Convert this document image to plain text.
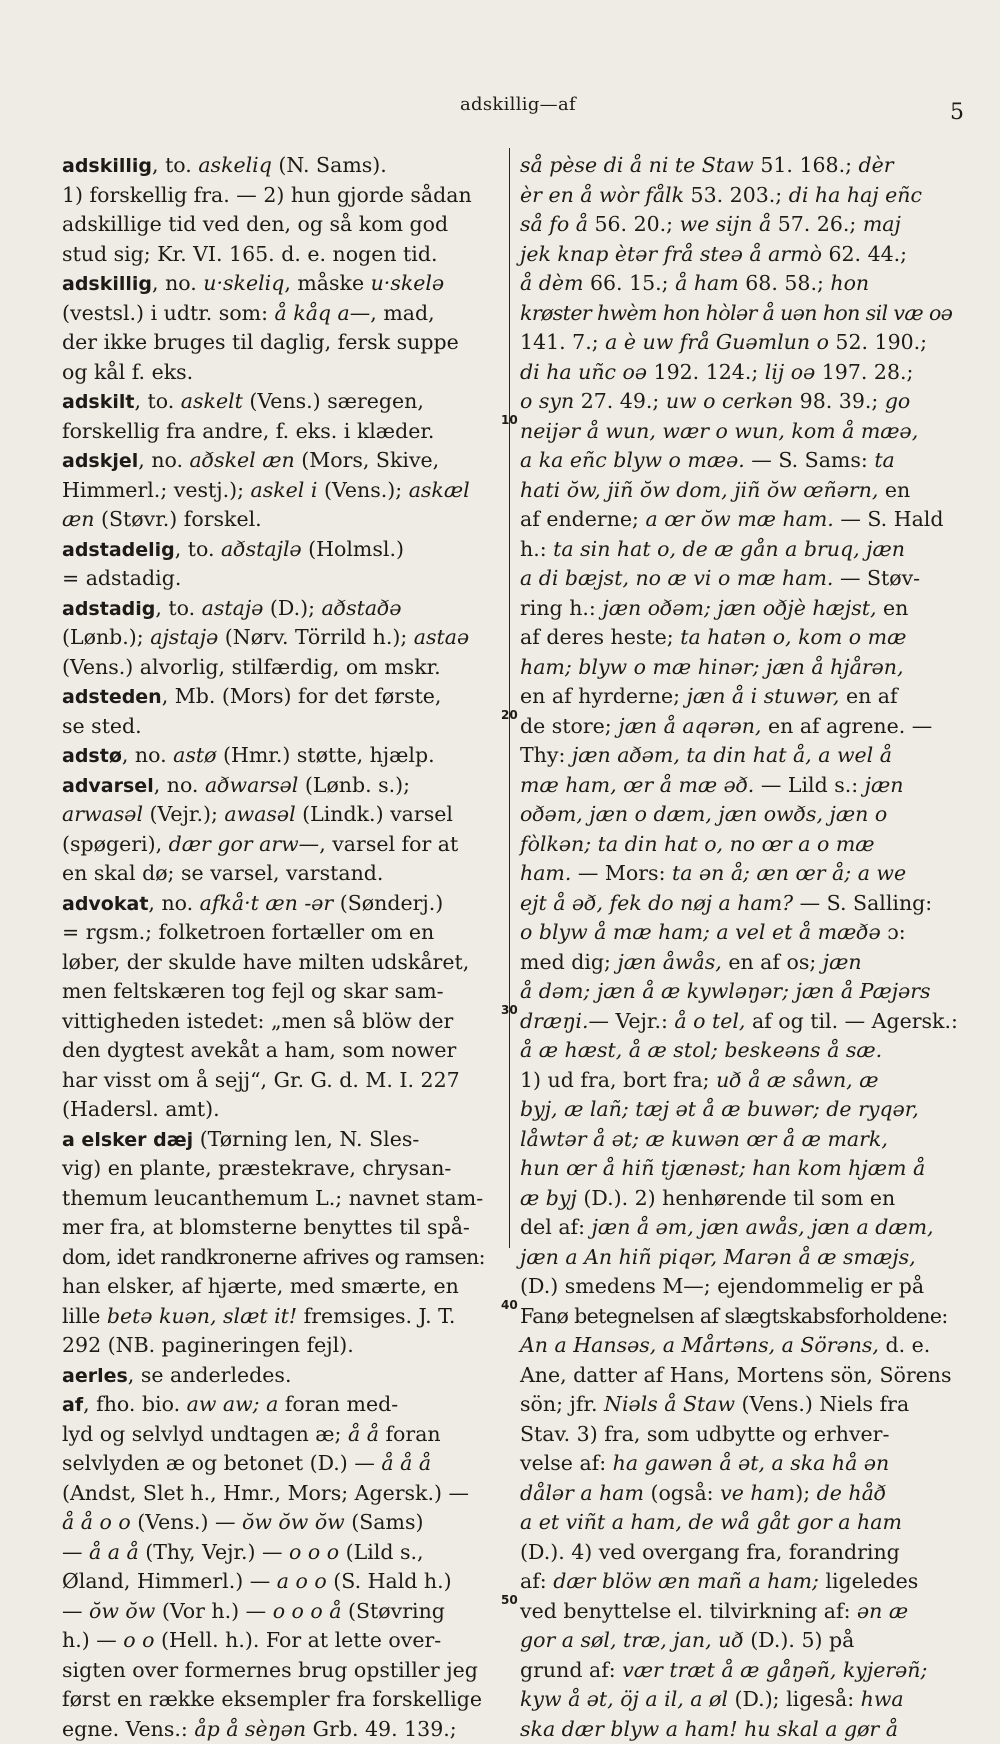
adskillig—af	5
adskillig, to. askeliq (N. Sams).
1) forskellig fra. — 2) hun gjorde sådan
adskillige tid ved den, og så kom god
stud sig; Kr. VI. 165. d. e. nogen tid.
adskillig, no. u·skeliq, måske u·skelə
(vestsl.) i udtr. som: å kåq a—, mad,
der ikke bruges til daglig, fersk suppe
og kål f. eks.
adskilt, to. askelt (Vens.) særegen,
forskellig fra andre, f. eks. i klæder.
adskjel, no. aðskel æn (Mors, Skive,
Himmerl.; vestj.); askel i (Vens.); askæl
æn (Støvr.) forskel.
adstadelig, to. aðstajlə (Holmsl.)
= adstadig.
adstadig, to. astajə (D.); aðstaðə
(Lønb.); ajstajə (Nørv. Törrild h.); astaə
(Vens.) alvorlig, stilfærdig, om mskr.
adsteden, Mb. (Mors) for det første,
se sted.
adstø, no. astø (Hmr.) støtte, hjælp.
advarsel, no. aðwarsəl (Lønb. s.);
arwasəl (Vejr.); awasəl (Lindk.) varsel
(spøgeri), dær gor arw—, varsel for at
en skal dø; se varsel, varstand.
advokat, no. afkå·t æn -ər (Sønderj.)
= rgsm.; folketroen fortæller om en
løber, der skulde have milten udskåret,
men feltskæren tog fejl og skar sam-
vittigheden istedet: „men så blöw der
den dygtest avekåt a ham, som nower
har visst om å sejj“, Gr. G. d. M. I. 227
(Hadersl. amt).
a elsker dæj (Tørning len, N. Sles-
vig) en plante, præstekrave, chrysan-
themum leucanthemum L.; navnet stam-
mer fra, at blomsterne benyttes til spå-
dom, idet randkronerne afrives og ramsen:
han elsker, af hjærte, med smærte, en
lille betə kuən, slæt it! fremsiges. J. T.
292 (NB. pagineringen fejl).
aerles, se anderledes.
af, fho. bio. aw aw; a foran med-
lyd og selvlyd undtagen æ; å å foran
selvlyden æ og betonet (D.) — å å å
(Andst, Slet h., Hmr., Mors; Agersk.) —
å å o o (Vens.) — ŏw ŏw ŏw (Sams)
— å a å (Thy, Vejr.) — o o o (Lild s.,
Øland, Himmerl.) — a o o (S. Hald h.)
— ŏw ŏw (Vor h.) — o o o å (Støvring
h.) — o o (Hell. h.). For at lette over-
sigten over formernes brug opstiller jeg
først en række eksempler fra forskellige
egne. Vens.: åp å sèŋən Grb. 49. 139.;
så pèse di å ni te Staw 51. 168.; dèr
èr en å wòr fålk 53. 203.; di ha haj eñc
så fo å 56. 20.; we sijn å 57. 26.; maj
jek knap ètər frå steə å armò 62. 44.;
å dèm 66. 15.; å ham 68. 58.; hon
krøster hwèm hon hòlər å uən hon sil væ oə
141. 7.; a è uw frå Guəmlun o 52. 190.;
di ha uñc oə 192. 124.; lij oə 197. 28.;
o syn 27. 49.; uw o cerkən 98. 39.; go
neijər å wun, wær o wun, kom å mæə,
a ka eñc blyw o mæə. — S. Sams: ta
hati ŏw, jiñ ŏw dom, jiñ ŏw œñərn, en
af enderne; a œr ŏw mæ ham. — S. Hald
h.: ta sin hat o, de æ gån a bruq, jæn
a di bæjst, no æ vi o mæ ham. — Støv-
ring h.: jæn oðəm; jæn oðjè hæjst, en
af deres heste; ta hatən o, kom o mæ
ham; blyw o mæ hinər; jæn å hjårən,
en af hyrderne; jæn å i stuwər, en af
de store; jæn å aqərən, en af agrene. —
Thy: jæn aðəm, ta din hat å, a wel å
mæ ham, œr å mæ əð. — Lild s.: jæn
oðəm, jæn o dæm, jæn owðs, jæn o
fòlkən; ta din hat o, no œr a o mæ
ham. — Mors: ta ən å; æn œr å; a we
ejt å əð, fek do nøj a ham? — S. Salling:
o blyw å mæ ham; a vel et å mæðə ɔ:
med dig; jæn åwås, en af os; jæn
å dəm; jæn å æ kywləŋər; jæn å Pæjərs
dræŋi.— Vejr.: å o tel, af og til. — Agersk.:
å æ hæst, å æ stol; beskeəns å sæ.
1) ud fra, bort fra; uð å æ såwn, æ
byj, æ lañ; tæj ət å æ buwər; de ryqər,
låwtər å ət; æ kuwən œr å æ mark,
hun œr å hiñ tjænəst; han kom hjæm å
æ byj (D.). 2) henhørende til som en
del af: jæn å əm, jæn awås, jæn a dæm,
jæn a An hiñ piqər, Marən å æ smæjs,
(D.) smedens M—; ejendommelig er på
Fanø betegnelsen af slægtskabsforholdene:
An a Hansəs, a Mårtəns, a Sörəns, d. e.
Ane, datter af Hans, Mortens sön, Sörens
sön; jfr. Niəls å Staw (Vens.) Niels fra
Stav. 3) fra, som udbytte og erhver-
velse af: ha gawən å ət, a ska hå ən
dålər a ham (også: ve ham); de håð
a et viñt a ham, de wå gåt gor a ham
(D.). 4) ved overgang fra, forandring
af: dær blöw æn mañ a ham; ligeledes
ved benyttelse el. tilvirkning af: ən æ
gor a søl, træ, jan, uð (D.). 5) på
grund af: vær træt å æ gåŋəñ, kyjerəñ;
kyw å ət, öj a il, a øl (D.); ligeså: hwa
ska dær blyw a ham! hu skal a gør å
10
20
30
40
50
